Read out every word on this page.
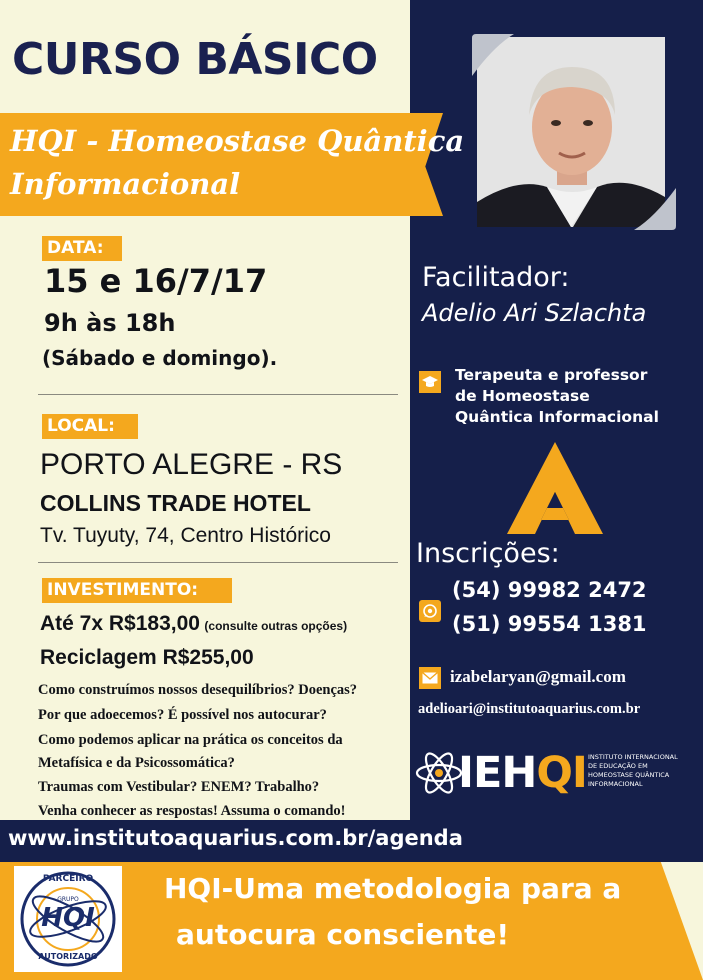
CURSO BÁSICO
HQI - Homeostase Quântica
Informacional
DATA:
15 e 16/7/17
9h às 18h
(Sábado e domingo).
LOCAL:
PORTO ALEGRE - RS
COLLINS TRADE HOTEL
Tv. Tuyuty, 74, Centro Histórico
INVESTIMENTO:
Até 7x R$183,00 (consulte outras opções)
Reciclagem R$255,00
Como construímos nossos desequilíbrios? Doenças?
Por que adoecemos? É possível nos autocurar?
Como podemos aplicar na prática os conceitos da
Metafísica e da Psicossomática?
Traumas com Vestibular? ENEM? Trabalho?
Venha conhecer as respostas! Assuma o comando!
Facilitador:
Adelio Ari Szlachta
Terapeuta e professor
de Homeostase
Quântica Informacional
Inscrições:
(54) 99982 2472
(51) 99554 1381
izabelaryan@gmail.com
adelioari@institutoaquarius.com.br
IEHQI INSTITUTO INTERNACIONAL
DE EDUCAÇÃO EM
HOMEOSTASE QUÂNTICA
INFORMACIONAL
www.institutoaquarius.com.br/agenda
HQI-Uma metodologia para a
autocura consciente!
PARCEIRO
GRUPO
HQI
AUTORIZADO
